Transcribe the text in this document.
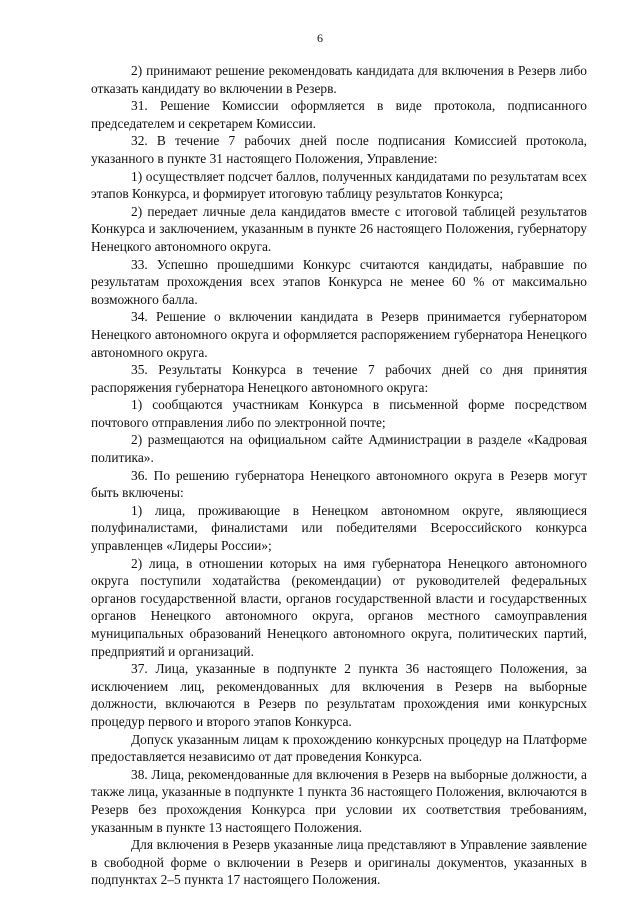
6

2) принимают решение рекомендовать кандидата для включения в Резерв либо отказать кандидату во включении в Резерв.

31. Решение Комиссии оформляется в виде протокола, подписанного председателем и секретарем Комиссии.

32. В течение 7 рабочих дней после подписания Комиссией протокола, указанного в пункте 31 настоящего Положения, Управление:

1) осуществляет подсчет баллов, полученных кандидатами по результатам всех этапов Конкурса, и формирует итоговую таблицу результатов Конкурса;

2) передает личные дела кандидатов вместе с итоговой таблицей результатов Конкурса и заключением, указанным в пункте 26 настоящего Положения, губернатору Ненецкого автономного округа.

33. Успешно прошедшими Конкурс считаются кандидаты, набравшие по результатам прохождения всех этапов Конкурса не менее 60 % от максимально возможного балла.

34. Решение о включении кандидата в Резерв принимается губернатором Ненецкого автономного округа и оформляется распоряжением губернатора Ненецкого автономного округа.

35. Результаты Конкурса в течение 7 рабочих дней со дня принятия распоряжения губернатора Ненецкого автономного округа:

1) сообщаются участникам Конкурса в письменной форме посредством почтового отправления либо по электронной почте;

2) размещаются на официальном сайте Администрации в разделе «Кадровая политика».

36. По решению губернатора Ненецкого автономного округа в Резерв могут быть включены:

1) лица, проживающие в Ненецком автономном округе, являющиеся полуфиналистами, финалистами или победителями Всероссийского конкурса управленцев «Лидеры России»;

2) лица, в отношении которых на имя губернатора Ненецкого автономного округа поступили ходатайства (рекомендации) от руководителей федеральных органов государственной власти, органов государственной власти и государственных органов Ненецкого автономного округа, органов местного самоуправления муниципальных образований Ненецкого автономного округа, политических партий, предприятий и организаций.

37. Лица, указанные в подпункте 2 пункта 36 настоящего Положения, за исключением лиц, рекомендованных для включения в Резерв на выборные должности, включаются в Резерв по результатам прохождения ими конкурсных процедур первого и второго этапов Конкурса.

Допуск указанным лицам к прохождению конкурсных процедур на Платформе предоставляется независимо от дат проведения Конкурса.

38. Лица, рекомендованные для включения в Резерв на выборные должности, а также лица, указанные в подпункте 1 пункта 36 настоящего Положения, включаются в Резерв без прохождения Конкурса при условии их соответствия требованиям, указанным в пункте 13 настоящего Положения.

Для включения в Резерв указанные лица представляют в Управление заявление в свободной форме о включении в Резерв и оригиналы документов, указанных в подпунктах 2–5 пункта 17 настоящего Положения.
